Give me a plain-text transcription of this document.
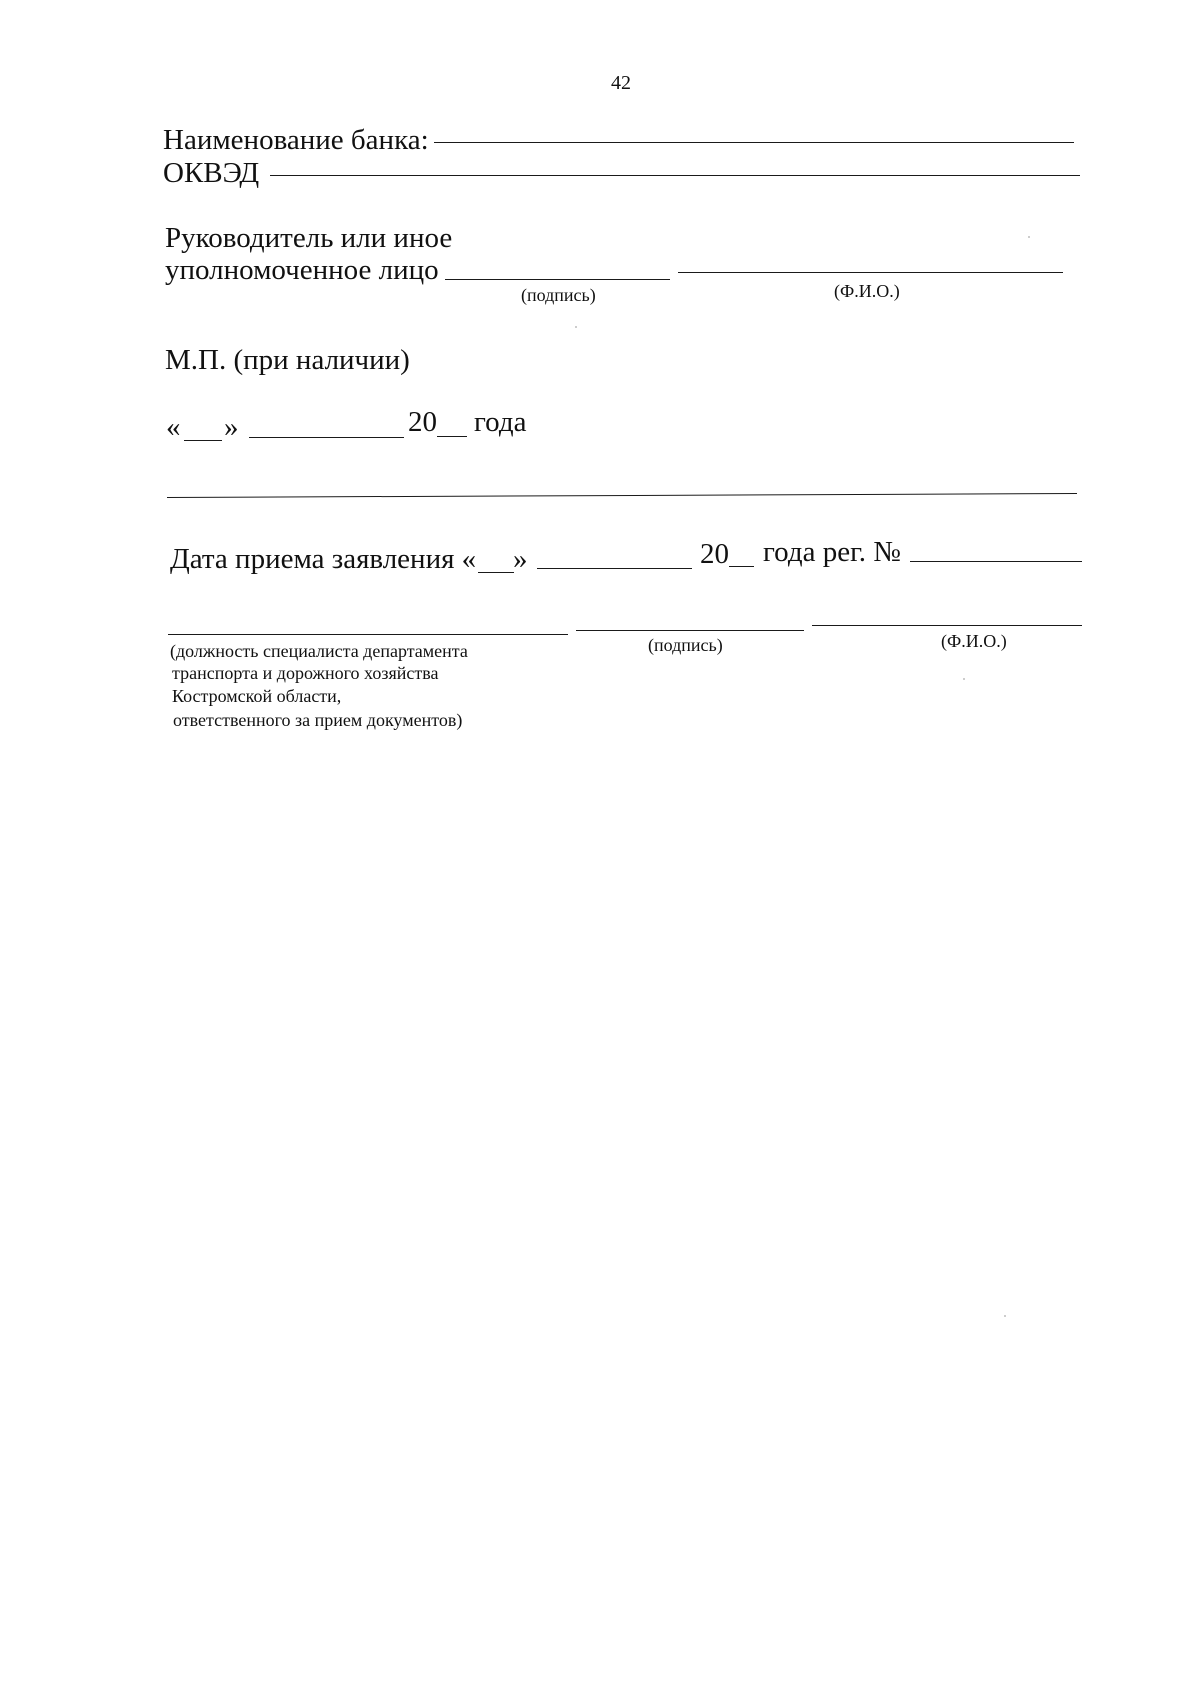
42
Наименование банка:
ОКВЭД
Руководитель или иное
уполномоченное лицо
(подпись)	(Ф.И.О.)
М.П. (при наличии)
« »	20 года
Дата приема заявления « »	20 года рег. №
(должность специалиста департамента
транспорта и дорожного хозяйства
Костромской области,
ответственного за прием документов)
(подпись)	(Ф.И.О.)
